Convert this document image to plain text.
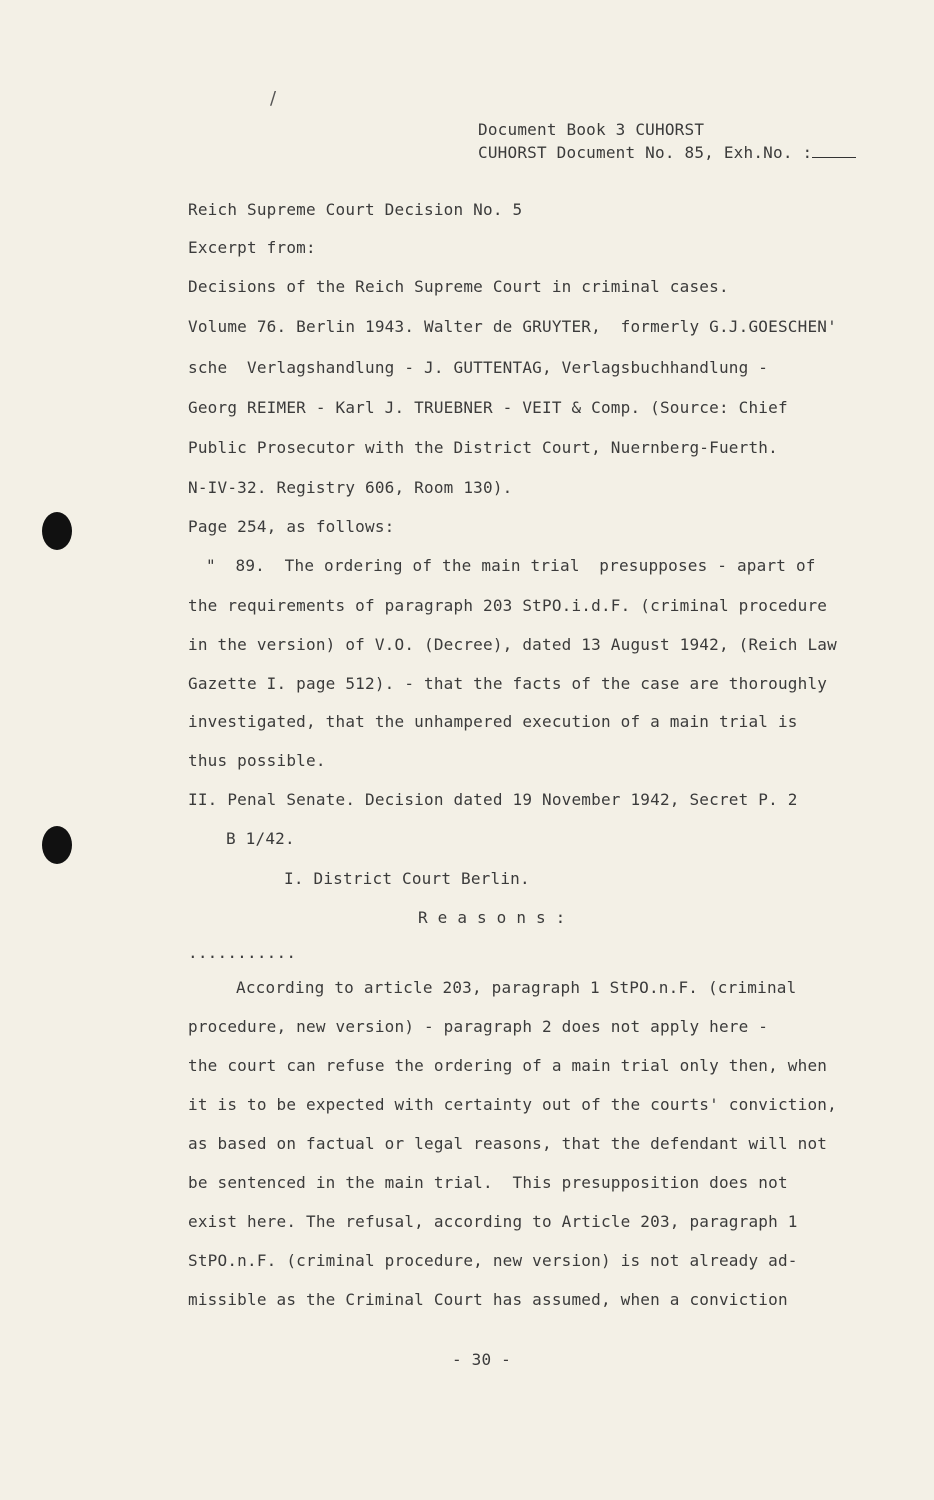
/
Document Book 3 CUHORST
CUHORST Document No. 85, Exh.No. :
Reich Supreme Court Decision No. 5
Excerpt from:
Decisions of the Reich Supreme Court in criminal cases.
Volume 76. Berlin 1943. Walter de GRUYTER,  formerly G.J.GOESCHEN'
sche  Verlagshandlung - J. GUTTENTAG, Verlagsbuchhandlung -
Georg REIMER - Karl J. TRUEBNER - VEIT & Comp. (Source: Chief
Public Prosecutor with the District Court, Nuernberg-Fuerth.
N-IV-32. Registry 606, Room 130).
Page 254, as follows:
"  89.  The ordering of the main trial  presupposes - apart of
the requirements of paragraph 203 StPO.i.d.F. (criminal procedure
in the version) of V.O. (Decree), dated 13 August 1942, (Reich Law
Gazette I. page 512). - that the facts of the case are thoroughly
investigated, that the unhampered execution of a main trial is
thus possible.
II. Penal Senate. Decision dated 19 November 1942, Secret P. 2
B 1/42.
I. District Court Berlin.
R e a s o n s :
...........
According to article 203, paragraph 1 StPO.n.F. (criminal
procedure, new version) - paragraph 2 does not apply here -
the court can refuse the ordering of a main trial only then, when
it is to be expected with certainty out of the courts' conviction,
as based on factual or legal reasons, that the defendant will not
be sentenced in the main trial.  This presupposition does not
exist here. The refusal, according to Article 203, paragraph 1
StPO.n.F. (criminal procedure, new version) is not already ad-
missible as the Criminal Court has assumed, when a conviction
- 30 -
